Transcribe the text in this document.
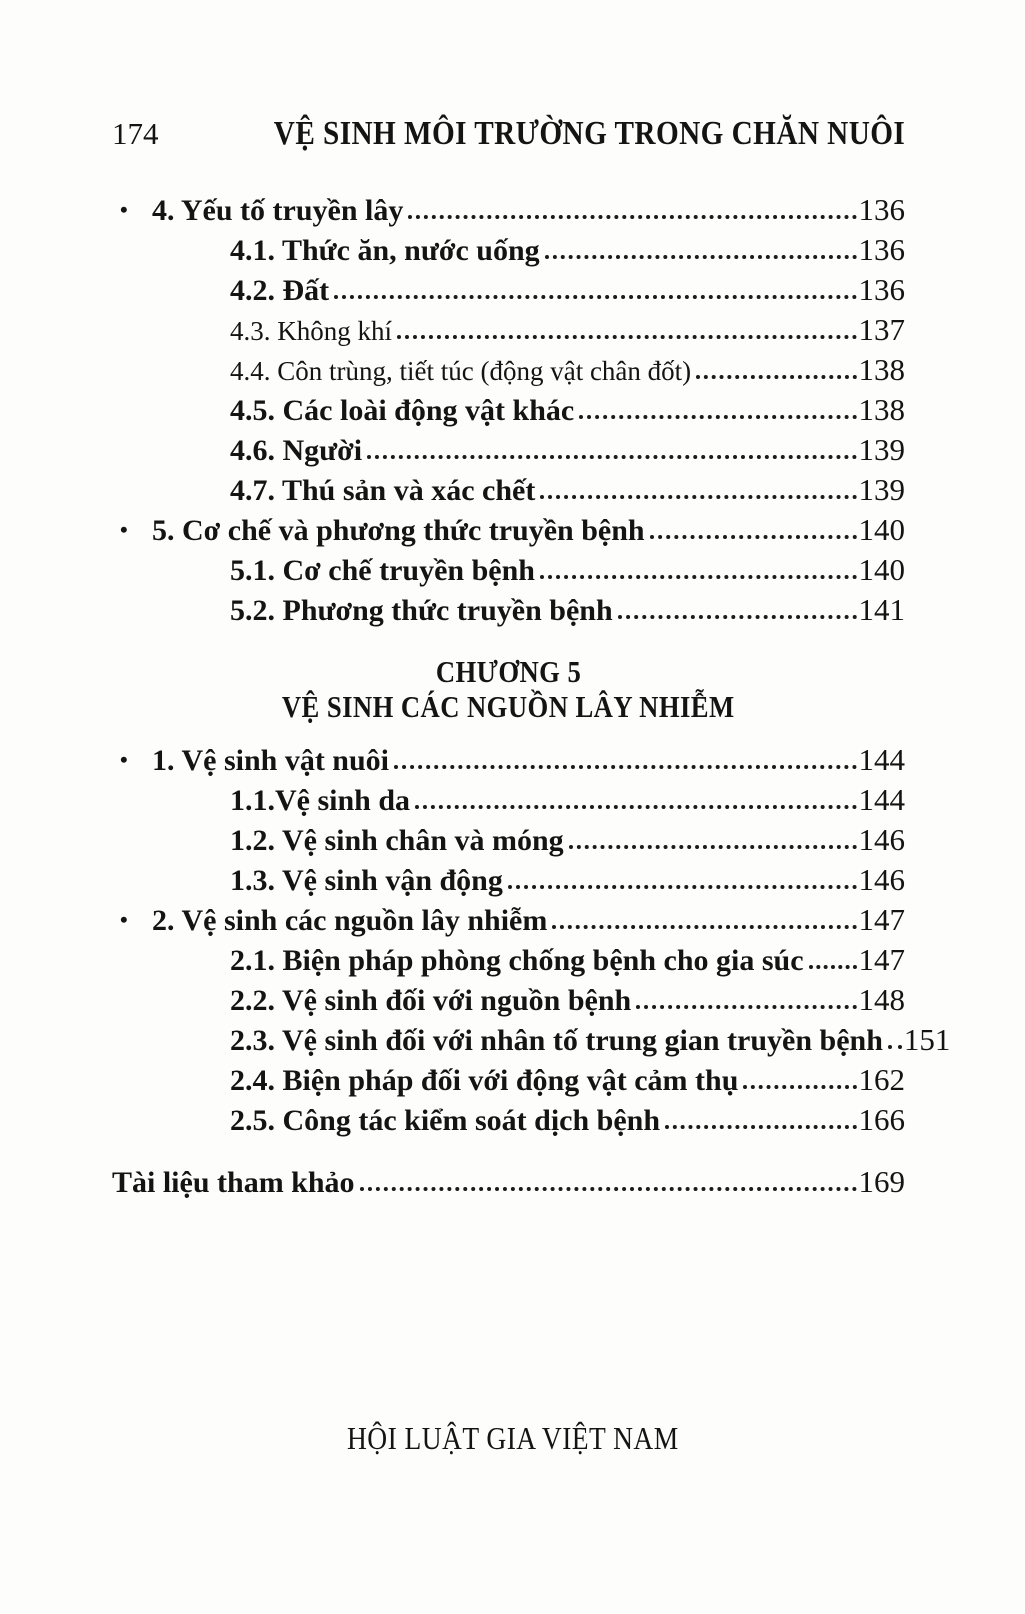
174	VỆ SINH MÔI TRƯỜNG TRONG CHĂN NUÔI
• 4. Yếu tố truyền lây	136
4.1. Thức ăn, nước uống	136
4.2. Đất	136
4.3. Không khí	137
4.4. Côn trùng, tiết túc (động vật chân đốt)	138
4.5. Các loài động vật khác	138
4.6. Người	139
4.7. Thú sản và xác chết	139
• 5. Cơ chế và phương thức truyền bệnh	140
5.1. Cơ chế truyền bệnh	140
5.2. Phương thức truyền bệnh	141
CHƯƠNG 5
VỆ SINH CÁC NGUỒN LÂY NHIỄM
• 1. Vệ sinh vật nuôi	144
1.1.Vệ sinh da	144
1.2. Vệ sinh chân và móng	146
1.3. Vệ sinh vận động	146
• 2. Vệ sinh các nguồn lây nhiễm	147
2.1. Biện pháp phòng chống bệnh cho gia súc 147
2.2. Vệ sinh đối với nguồn bệnh	148
2.3. Vệ sinh đối với nhân tố trung gian truyền bệnh 151
2.4. Biện pháp đối với động vật cảm thụ	162
2.5. Công tác kiểm soát dịch bệnh	166
Tài liệu tham khảo	169
HỘI LUẬT GIA VIỆT NAM
